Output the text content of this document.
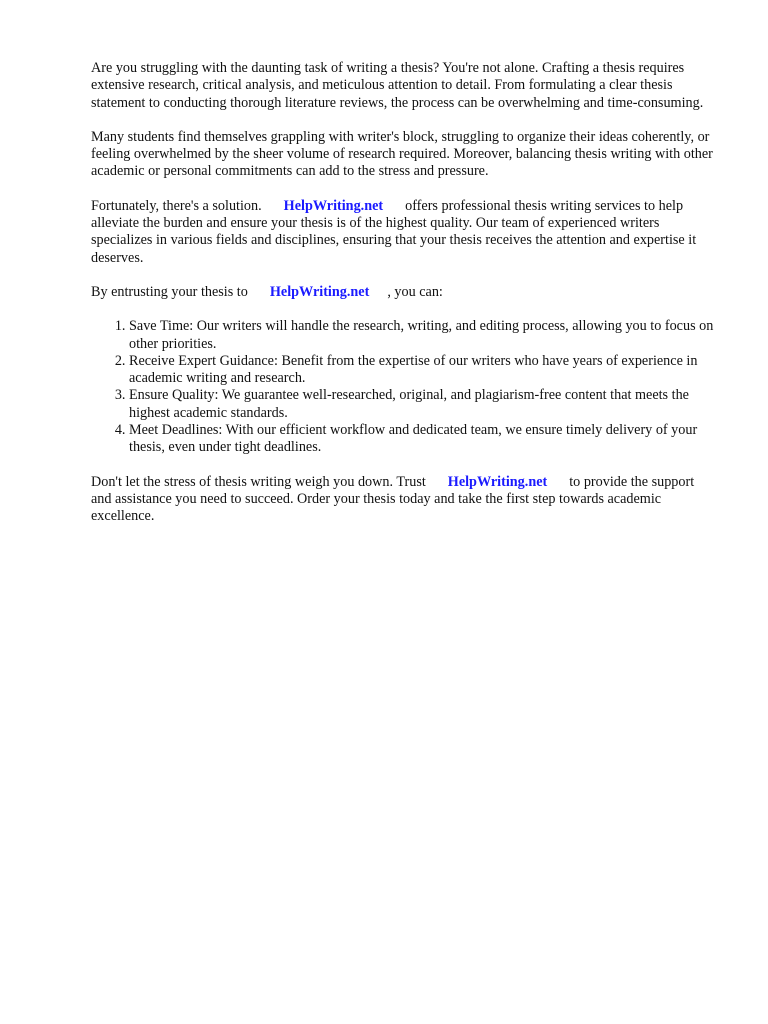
Are you struggling with the daunting task of writing a thesis? You're not alone. Crafting a thesis requires extensive research, critical analysis, and meticulous attention to detail. From formulating a clear thesis statement to conducting thorough literature reviews, the process can be overwhelming and time-consuming.

Many students find themselves grappling with writer's block, struggling to organize their ideas coherently, or feeling overwhelmed by the sheer volume of research required. Moreover, balancing thesis writing with other academic or personal commitments can add to the stress and pressure.

Fortunately, there's a solution. HelpWriting.net offers professional thesis writing services to help alleviate the burden and ensure your thesis is of the highest quality. Our team of experienced writers specializes in various fields and disciplines, ensuring that your thesis receives the attention and expertise it deserves.

By entrusting your thesis to HelpWriting.net , you can:

1. Save Time: Our writers will handle the research, writing, and editing process, allowing you to focus on other priorities.
2. Receive Expert Guidance: Benefit from the expertise of our writers who have years of experience in academic writing and research.
3. Ensure Quality: We guarantee well-researched, original, and plagiarism-free content that meets the highest academic standards.
4. Meet Deadlines: With our efficient workflow and dedicated team, we ensure timely delivery of your thesis, even under tight deadlines.

Don't let the stress of thesis writing weigh you down. Trust HelpWriting.net to provide the support and assistance you need to succeed. Order your thesis today and take the first step towards academic excellence.
